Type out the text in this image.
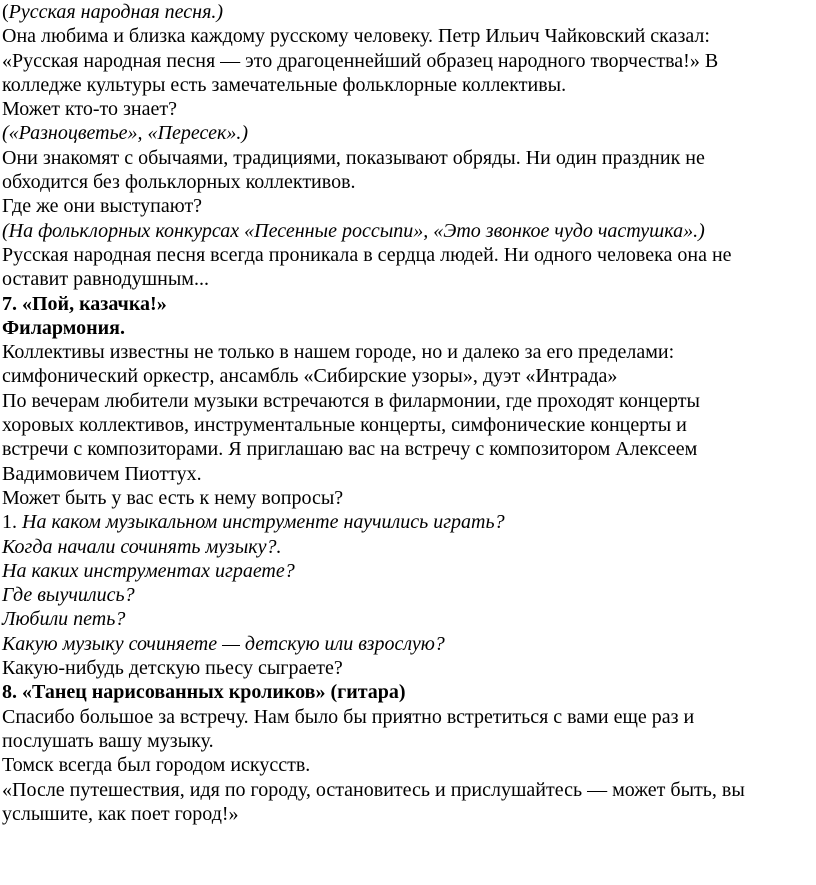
(Русская народная песня.)

Она любима и близка каждому русскому человеку. Петр Ильич Чайковский сказал:

«Русская народная песня — это драгоценнейший образец народного творчества!» В

колледже культуры есть замечательные фольклорные коллективы.

Может кто-то знает?

(«Разноцветье», «Пересек».)

Они знакомят с обычаями, традициями, показывают обряды. Ни один праздник не

обходится без фольклорных коллективов.

Где же они выступают?

(На фольклорных конкурсах «Песенные россыпи», «Это звонкое чудо частушка».)

Русская народная песня всегда проникала в сердца людей. Ни одного человека она не

оставит равнодушным...

7. «Пой, казачка!»

Филармония.

Коллективы известны не только в нашем городе, но и далеко за его пределами:

симфонический оркестр, ансамбль «Сибирские узоры», дуэт «Интрада»

По вечерам любители музыки встречаются в филармонии, где проходят концерты

хоровых коллективов, инструментальные концерты, симфонические концерты и

встречи с композиторами. Я приглашаю вас на встречу с композитором Алексеем

Вадимовичем Пиоттух.

Может быть у вас есть к нему вопросы?

1. На каком музыкальном инструменте научились играть?

Когда начали сочинять музыку?.

На каких инструментах играете?

Где выучились?

Любили петь?

Какую музыку сочиняете — детскую или взрослую?

Какую-нибудь детскую пьесу сыграете?

8. «Танец нарисованных кроликов» (гитара)

Спасибо большое за встречу. Нам было бы приятно встретиться с вами еще раз и

послушать вашу музыку.

Томск всегда был городом искусств.

«После путешествия, идя по городу, остановитесь и прислушайтесь — может быть, вы

услышите, как поет город!»
